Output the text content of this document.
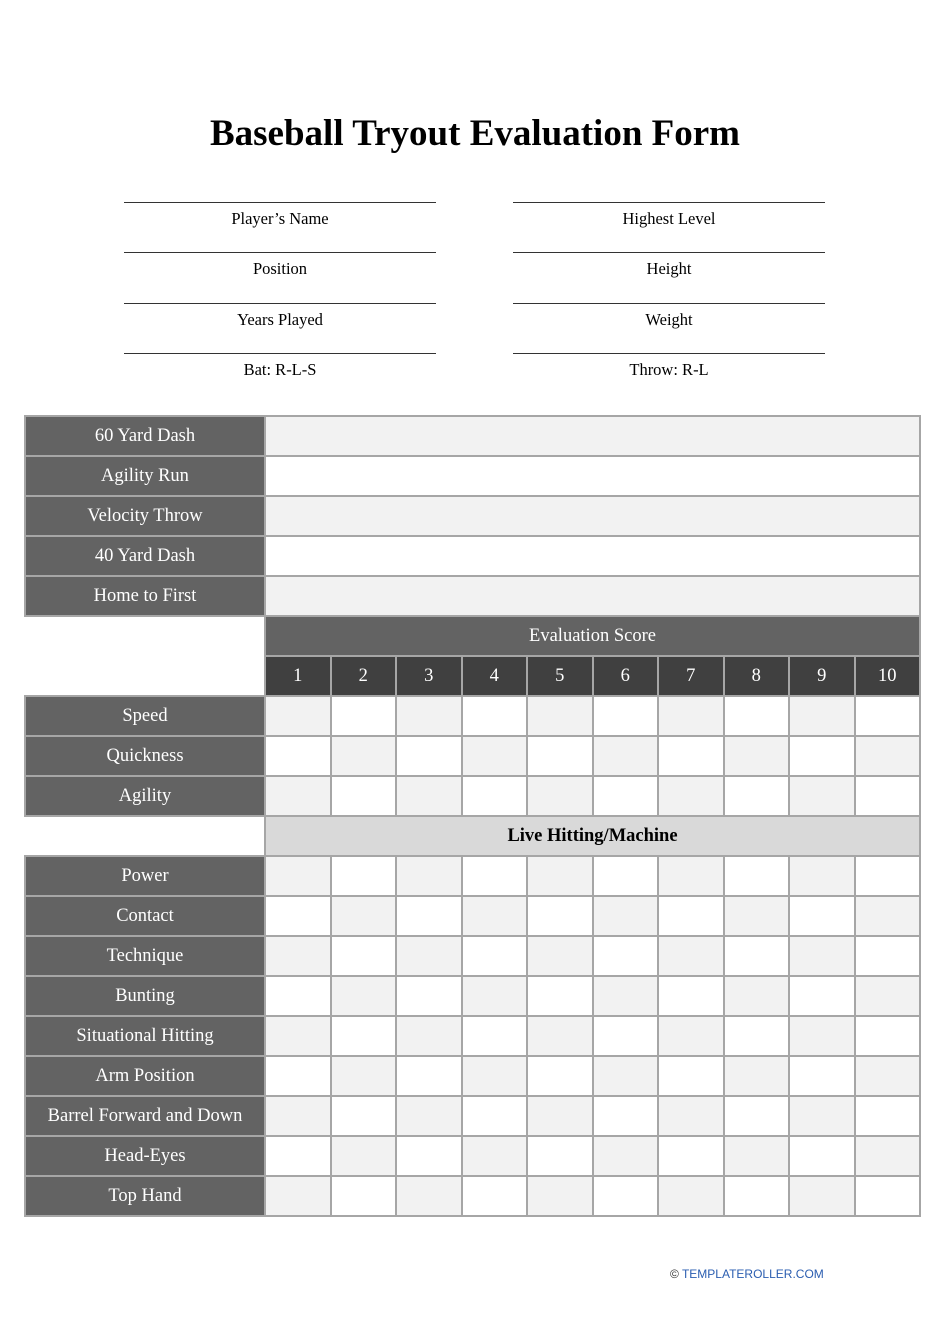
Baseball Tryout Evaluation Form
Player’s Name
Position
Years Played
Bat: R-L-S
Highest Level
Height
Weight
Throw: R-L
60 Yard Dash										
Agility Run										
Velocity Throw										
40 Yard Dash										
Home to First										
	Evaluation Score									
	1	2	3	4	5	6	7	8	9	10
Speed										
Quickness										
Agility										
	Live Hitting/Machine									
Power										
Contact										
Technique										
Bunting										
Situational Hitting										
Arm Position										
Barrel Forward and Down										
Head-Eyes										
Top Hand										
© TEMPLATEROLLER.COM
